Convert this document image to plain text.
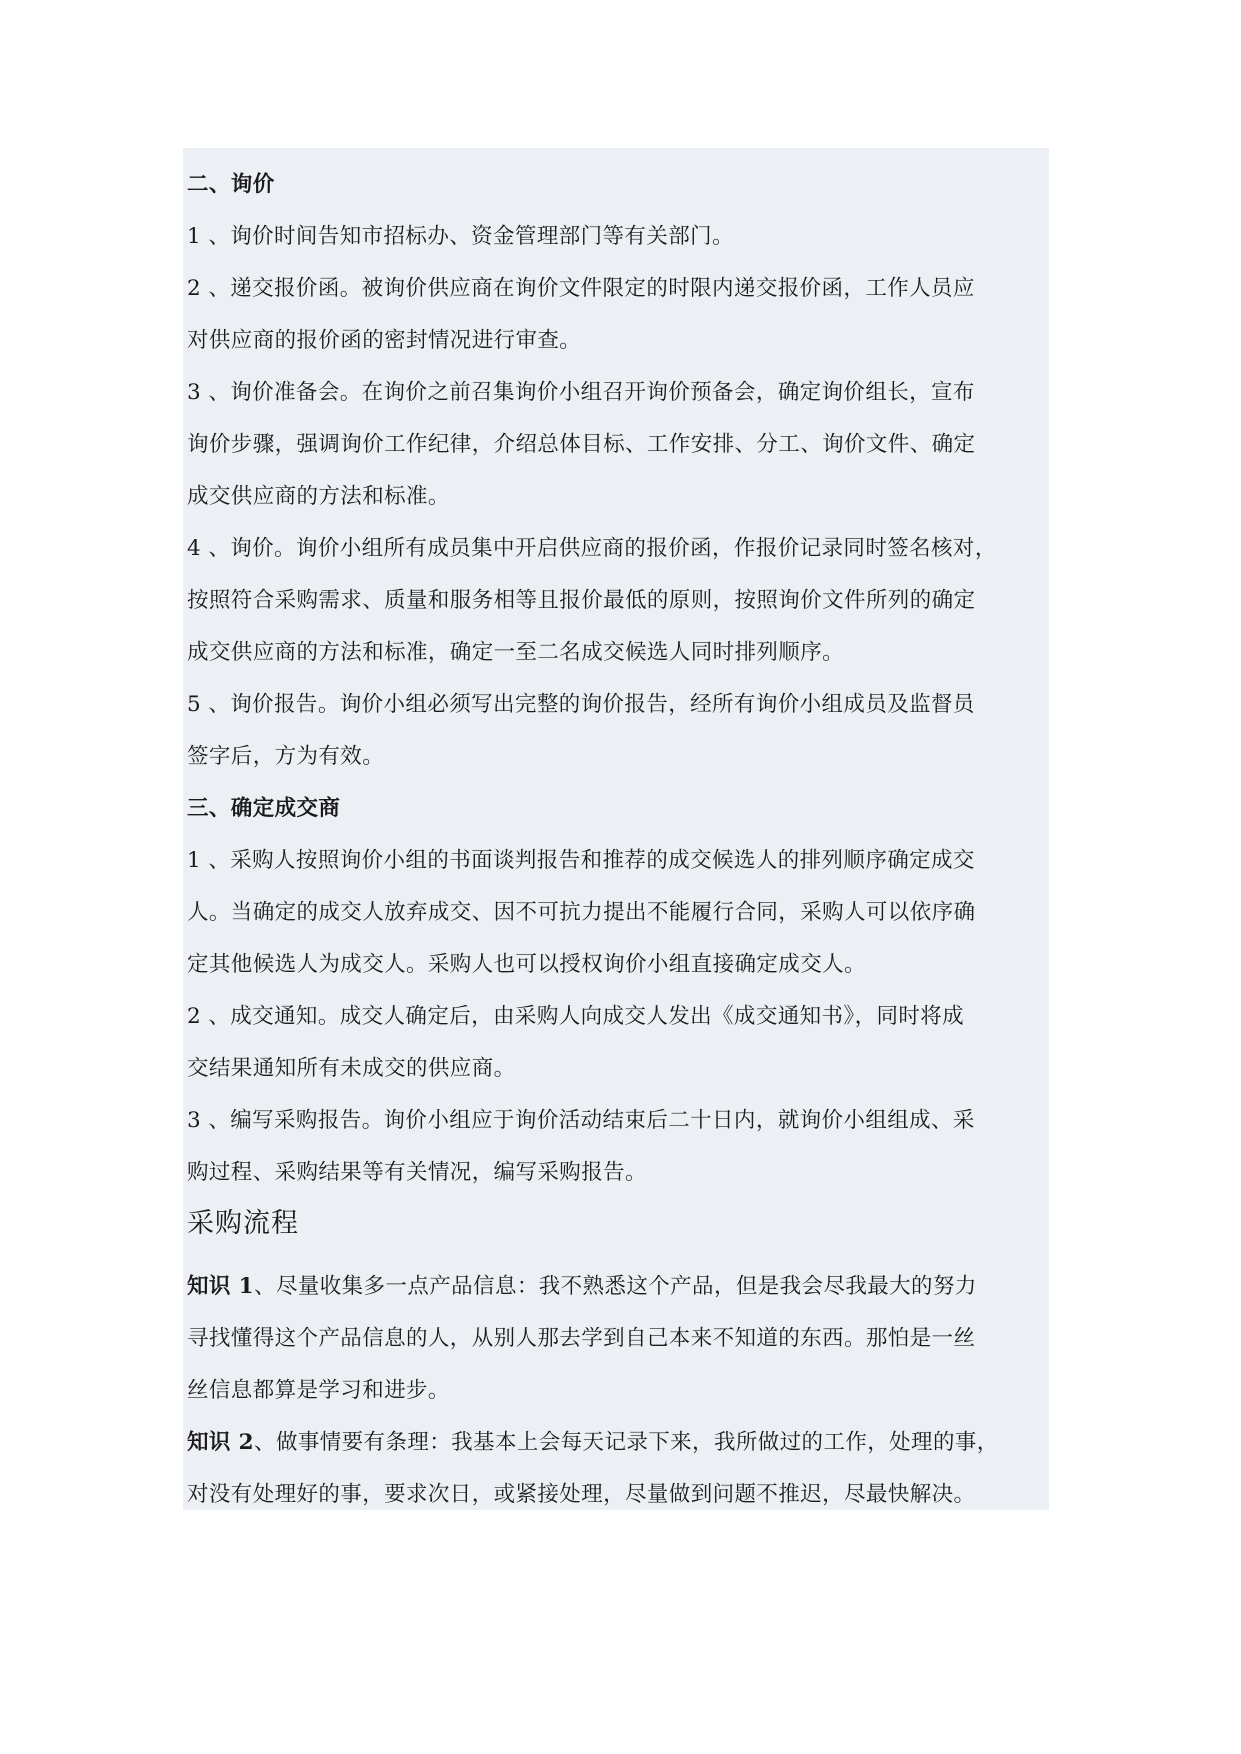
二、询价
1 、询价时间告知市招标办、资金管理部门等有关部门。
2 、递交报价函。被询价供应商在询价文件限定的时限内递交报价函，工作人员应
对供应商的报价函的密封情况进行审查。
3 、询价准备会。在询价之前召集询价小组召开询价预备会，确定询价组长，宣布
询价步骤，强调询价工作纪律，介绍总体目标、工作安排、分工、询价文件、确定
成交供应商的方法和标准。
4 、询价。询价小组所有成员集中开启供应商的报价函，作报价记录同时签名核对，
按照符合采购需求、质量和服务相等且报价最低的原则，按照询价文件所列的确定
成交供应商的方法和标准，确定一至二名成交候选人同时排列顺序。
5 、询价报告。询价小组必须写出完整的询价报告，经所有询价小组成员及监督员
签字后，方为有效。
三、确定成交商
1 、采购人按照询价小组的书面谈判报告和推荐的成交候选人的排列顺序确定成交
人。当确定的成交人放弃成交、因不可抗力提出不能履行合同，采购人可以依序确
定其他候选人为成交人。采购人也可以授权询价小组直接确定成交人。
2 、成交通知。成交人确定后，由采购人向成交人发出《成交通知书》，同时将成
交结果通知所有未成交的供应商。
3 、编写采购报告。询价小组应于询价活动结束后二十日内，就询价小组组成、采
购过程、采购结果等有关情况，编写采购报告。
采购流程
知识 1、尽量收集多一点产品信息：我不熟悉这个产品，但是我会尽我最大的努力
寻找懂得这个产品信息的人，从别人那去学到自己本来不知道的东西。那怕是一丝
丝信息都算是学习和进步。
知识 2、做事情要有条理：我基本上会每天记录下来，我所做过的工作，处理的事，
对没有处理好的事，要求次日，或紧接处理，尽量做到问题不推迟，尽最快解决。
